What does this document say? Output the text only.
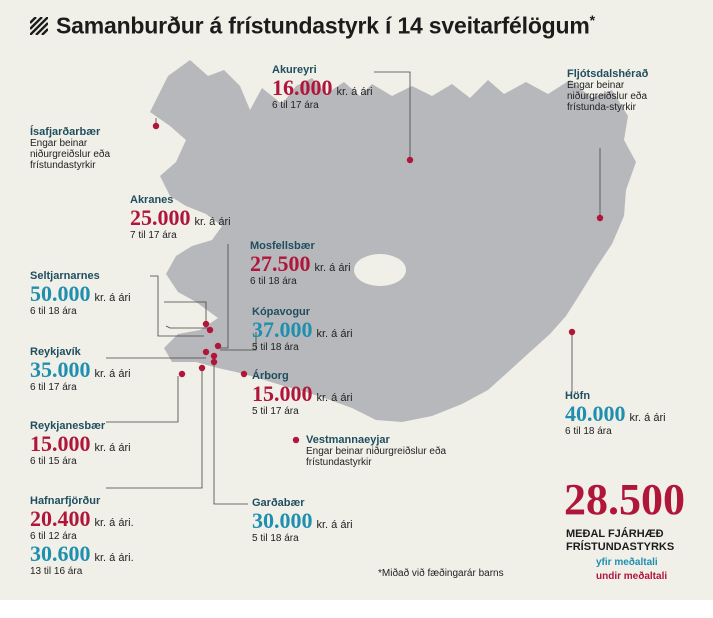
Samanburður á frístundastyrk í 14 sveitarfélögum*
Akureyri
16.000 kr. á ári
6 til 17 ára
Fljótsdalshérað
Engar beinar niðurgreiðslur eða frístunda-styrkir
Ísafjarðarbær
Engar beinar niðurgreiðslur eða frístundastyrkir
Akranes
25.000 kr. á ári
7 til 17 ára
Mosfellsbær
27.500 kr. á ári
6 til 18 ára
Seltjarnarnes
50.000 kr. á ári
6 til 18 ára	Kópavogur
37.000 kr. á ári
5 til 18 ára
Reykjavík
35.000 kr. á ári
6 til 17 ára
Árborg
15.000 kr. á ári
5 til 17 ára
Reykjanesbær
15.000 kr. á ári
6 til 15 ára
Vestmannaeyjar
Engar beinar niðurgreiðslur eða frístundastyrkir
Höfn
40.000 kr. á ári
6 til 18 ára
Hafnarfjörður
20.400 kr. á ári.
6 til 12 ára
30.600 kr. á ári.
13 til 16 ára
Garðabær
30.000 kr. á ári
5 til 18 ára
28.500
MEÐAL FJÁRHÆÐ
FRÍSTUNDASTYRKS
yfir meðaltali
undir meðaltali
*Miðað við fæðingarár barns
